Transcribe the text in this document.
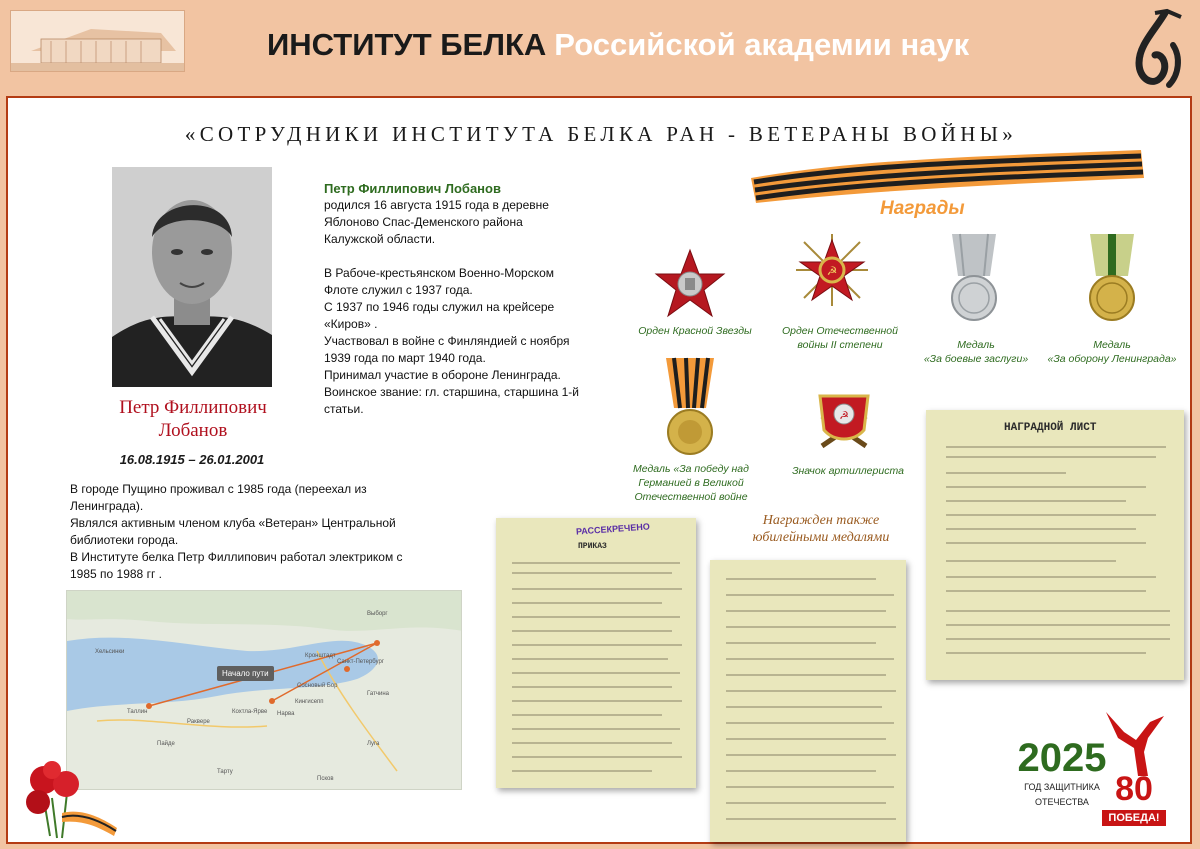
ИНСТИТУТ БЕЛКА Российской академии наук
«СОТРУДНИКИ ИНСТИТУТА БЕЛКА РАН - ВЕТЕРАНЫ ВОЙНЫ»
Петр Филлипович
Лобанов
16.08.1915 – 26.01.2001

Петр Филлипович Лобанов

родился 16 августа 1915 года в деревне

Яблоново Спас-Деменского района

Калужской области.

В Рабоче-крестьянском Военно-Морском

Флоте служил с 1937 года.

С 1937 по 1946 годы служил на крейсере

«Киров» .

Участвовал в войне с Финляндией с ноября

1939 года по март 1940 года.

Принимал участие в обороне Ленинграда.

Воинское звание: гл. старшина, старшина 1-й

статьи.

В городе Пущино проживал с 1985 года (переехал из

Ленинграда).

Являлся активным членом клуба «Ветеран» Центральной

библиотеки города.

В Институте белка Петр Филлипович работал электриком с

1985 по 1988 гг .

Начало пути
Хельсинки
Таллин
Санкт-Петербург
Кронштадт
Нарва
Тарту
Выборг
Кохтла-Ярве
Кингисепп
Гатчина
Луга
Псков
Раквере
Пайде
Сосновый Бор
Награды
Орден Красной Звезды
☭
Орден Отечественной
войны II степени	Медаль
«За боевые заслуги»
Медаль
«За оборону Ленинграда»
Медаль «За победу над
Германией в Великой
Отечественной войне
☭
Значок артиллериста
Награжден также
юбилейными медалями
РАССЕКРЕЧЕНО
ПРИКАЗ
НАГРАДНОЙ ЛИСТ
2025
ГОД ЗАЩИТНИКА
ОТЕЧЕСТВА 80
ПОБЕДА!
